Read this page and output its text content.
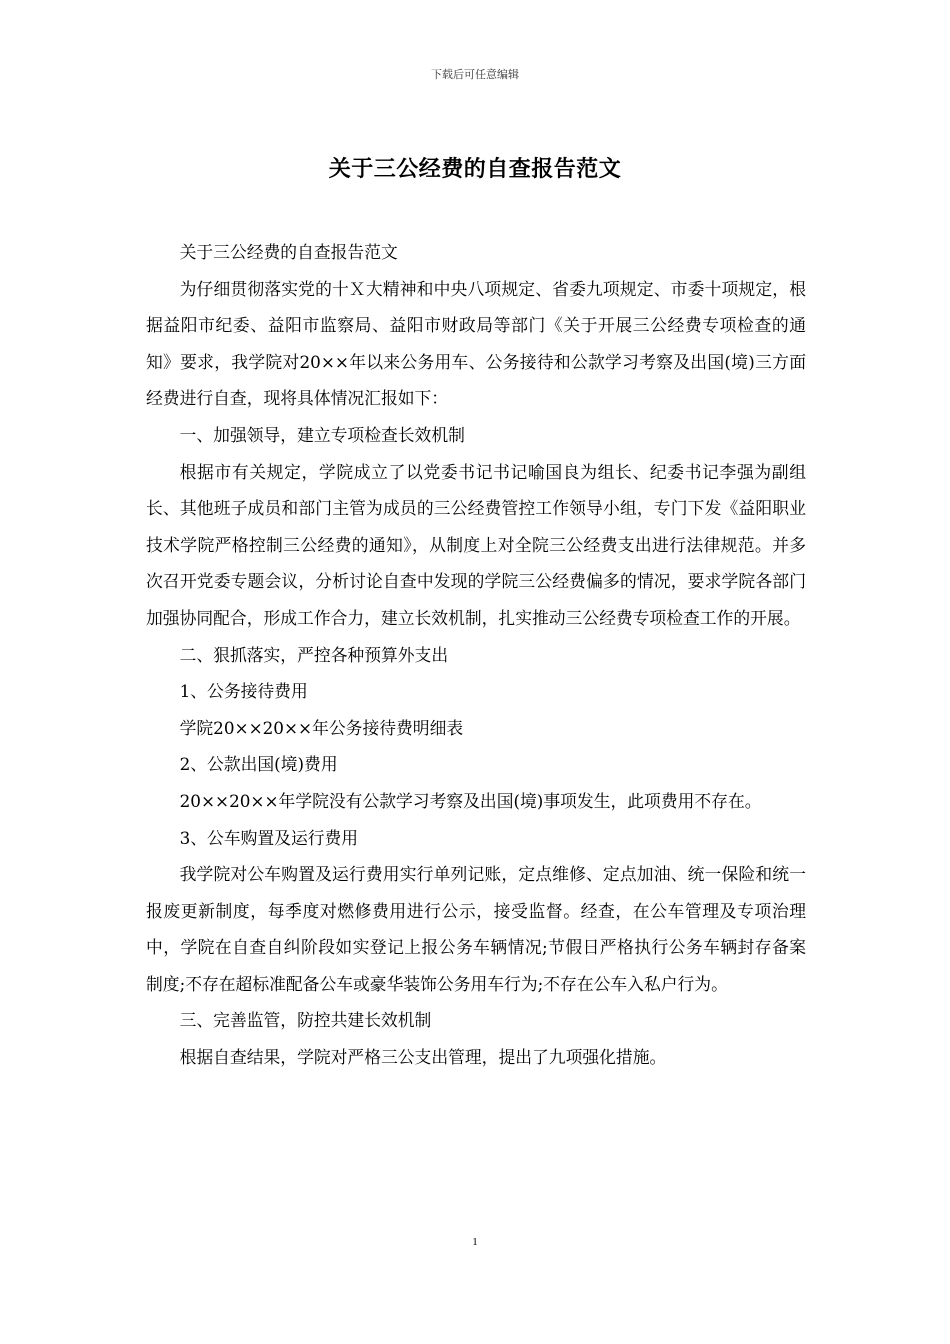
下载后可任意编辑
关于三公经费的自查报告范文

关于三公经费的自查报告范文

为仔细贯彻落实党的十Ｘ大精神和中央八项规定、省委九项规定、市委十项规定，根据益阳市纪委、益阳市监察局、益阳市财政局等部门《关于开展三公经费专项检查的通知》要求，我学院对20××年以来公务用车、公务接待和公款学习考察及出国(境)三方面经费进行自查，现将具体情况汇报如下：

一、加强领导，建立专项检查长效机制

根据市有关规定，学院成立了以党委书记书记喻国良为组长、纪委书记李强为副组长、其他班子成员和部门主管为成员的三公经费管控工作领导小组，专门下发《益阳职业技术学院严格控制三公经费的通知》，从制度上对全院三公经费支出进行法律规范。并多次召开党委专题会议，分析讨论自查中发现的学院三公经费偏多的情况，要求学院各部门加强协同配合，形成工作合力，建立长效机制，扎实推动三公经费专项检查工作的开展。

二、狠抓落实，严控各种预算外支出

1、公务接待费用

学院20××20××年公务接待费明细表

2、公款出国(境)费用

20××20××年学院没有公款学习考察及出国(境)事项发生，此项费用不存在。

3、公车购置及运行费用

我学院对公车购置及运行费用实行单列记账，定点维修、定点加油、统一保险和统一报废更新制度，每季度对燃修费用进行公示，接受监督。经查，在公车管理及专项治理中，学院在自查自纠阶段如实登记上报公务车辆情况;节假日严格执行公务车辆封存备案制度;不存在超标准配备公车或豪华装饰公务用车行为;不存在公车入私户行为。

三、完善监管，防控共建长效机制

根据自查结果，学院对严格三公支出管理，提出了九项强化措施。

1
